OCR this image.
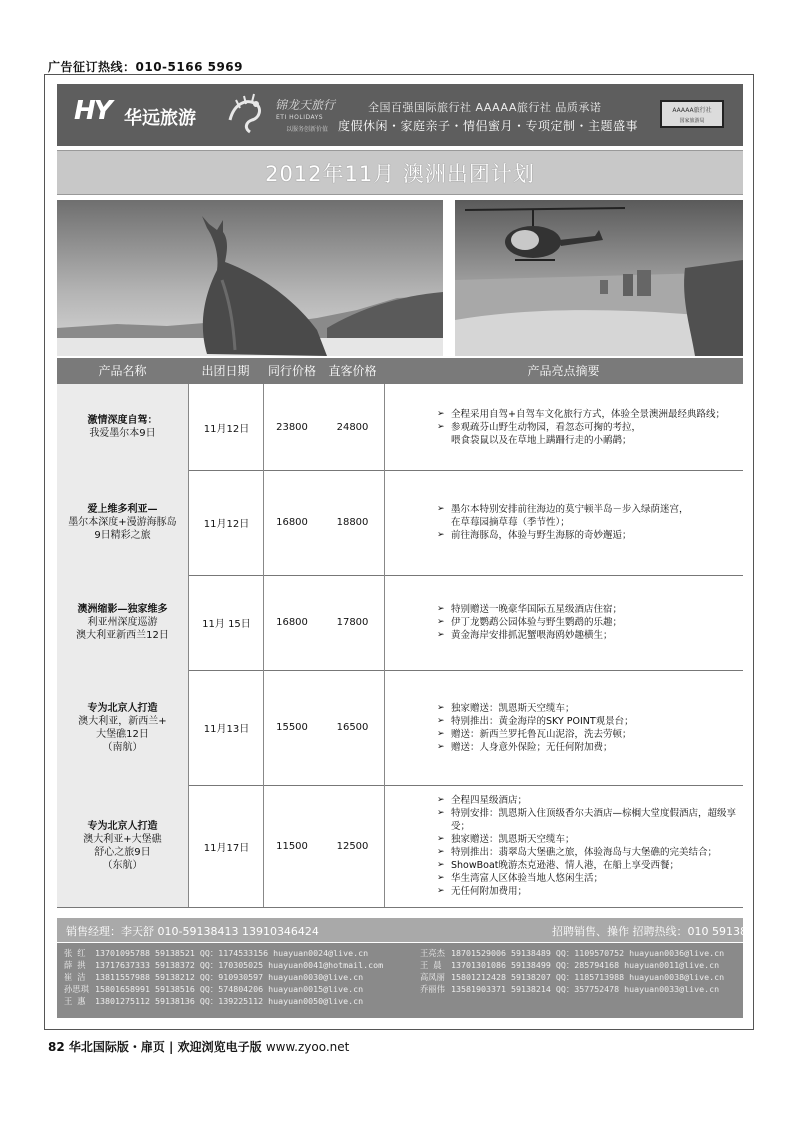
广告征订热线：010-5166 5969
HY 华远旅游
锦龙天旅行
ETI HOLIDAYS
以服务创新价值
全国百强国际旅行社 AAAAA旅行社 品质承诺
度假休闲・家庭亲子・情侣蜜月・专项定制・主题盛事
AAAAA旅行社
国家旅游局
2012年11月 澳洲出团计划
产品名称	出团日期	同行价格	直客价格	产品亮点摘要
激情深度自驾：
我爱墨尔本9日	11月12日	23800	24800
➢ 全程采用自驾+自驾车文化旅行方式，体验全景澳洲最经典路线；
➢ 参观疏芬山野生动物园，看忽态可掬的考拉，
喂食袋鼠以及在草地上蹒跚行走的小鸸鹋；
爱上维多利亚—
墨尔本深度+漫游海豚岛
9日精彩之旅
11月12日	16800	18800
➢ 墨尔本特别安排前往海边的莫宁顿半岛－步入绿荫迷宫，
在草莓园摘草莓（季节性）；
➢ 前往海豚岛，体验与野生海豚的奇妙邂逅；
澳洲缩影—独家维多
利亚州深度巡游
澳大利亚新西兰12日
11月 15日	16800	17800
➢ 特别赠送一晚豪华国际五星级酒店住宿；
➢ 伊丁龙鹦鹉公园体验与野生鹦鹉的乐趣；
➢ 黄金海岸安排抓泥蟹喂海鸥妙趣横生；
专为北京人打造
澳大利亚，新西兰+
大堡礁12日
（南航）
11月13日	15500	16500
➢ 独家赠送：凯恩斯天空缆车；
➢ 特别推出：黄金海岸的SKY POINT观景台；
➢ 赠送：新西兰罗托鲁瓦山泥浴，洗去劳顿；
➢ 赠送：人身意外保险；无任何附加费；
专为北京人打造
澳大利亚+大堡礁
舒心之旅9日
（东航）
11月17日	11500	12500
➢ 全程四星级酒店；
➢ 特别安排：凯恩斯入住顶级香尔夫酒店—棕榈大堂度假酒店，超级享受；
➢ 独家赠送：凯恩斯天空缆车；
➢ 特别推出：翡翠岛大堡礁之旅，体验海岛与大堡礁的完美结合；
➢ ShowBoat晚游杰克逊港、情人港，在船上享受西餐；
➢ 华生湾富人区体验当地人悠闲生活；
➢ 无任何附加费用；
销售经理：李天舒 010-59138413 13910346424	招聘销售、操作 招聘热线：010 59138598
张 红 13701095788 59138521 QQ：1174533156 huayuan0024@live.cn
薛 拱 13717637333 59138372 QQ：170305025 huayuan0041@hotmail.com
崔 洁 13811557988 59138212 QQ：910930597 huayuan0030@live.cn
孙思琪 15801658991 59138516 QQ：574804206 huayuan0015@live.cn
王 惠 13801275112 59138136 QQ：139225112 huayuan0050@live.cn
王亮杰 18701529006 59138489 QQ：1109570752 huayuan0036@live.cn
王 晨 13701301086 59138499 QQ：285794168 huayuan0011@live.cn
高凤丽 15801212428 59138207 QQ：1185713988 huayuan0038@live.cn
乔丽伟 13581903371 59138214 QQ：357752478 huayuan0033@live.cn
82 华北国际版・扉页 | 欢迎浏览电子版 www.zyoo.net
